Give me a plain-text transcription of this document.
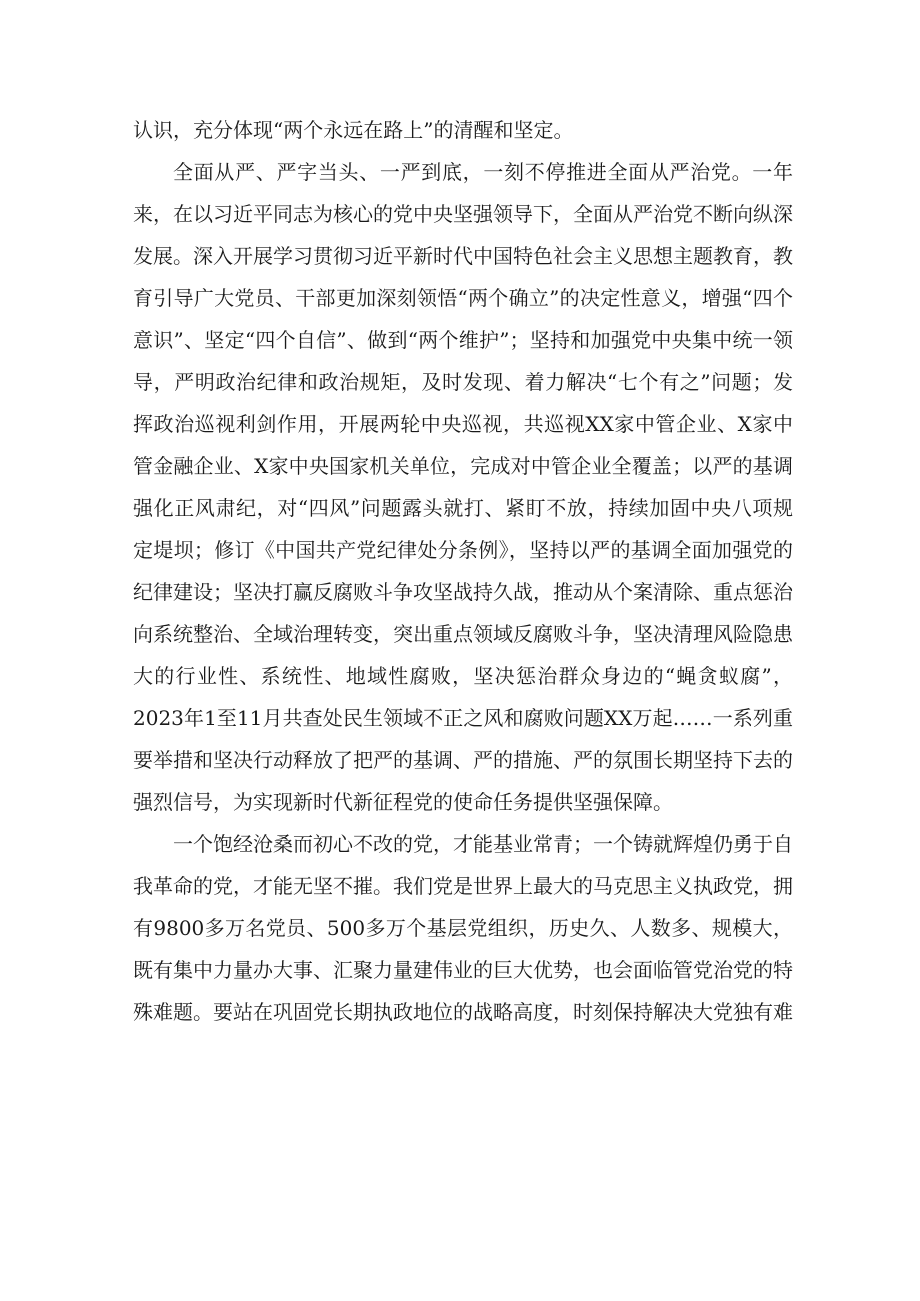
认识，充分体现“两个永远在路上”的清醒和坚定。

全面从严、严字当头、一严到底，一刻不停推进全面从严治党。一年来，在以习近平同志为核心的党中央坚强领导下，全面从严治党不断向纵深发展。深入开展学习贯彻习近平新时代中国特色社会主义思想主题教育，教育引导广大党员、干部更加深刻领悟“两个确立”的决定性意义，增强“四个意识”、坚定“四个自信”、做到“两个维护”；坚持和加强党中央集中统一领导，严明政治纪律和政治规矩，及时发现、着力解决“七个有之”问题；发挥政治巡视利剑作用，开展两轮中央巡视，共巡视XX家中管企业、X家中管金融企业、X家中央国家机关单位，完成对中管企业全覆盖；以严的基调强化正风肃纪，对“四风”问题露头就打、紧盯不放，持续加固中央八项规定堤坝；修订《中国共产党纪律处分条例》，坚持以严的基调全面加强党的纪律建设；坚决打赢反腐败斗争攻坚战持久战，推动从个案清除、重点惩治向系统整治、全域治理转变，突出重点领域反腐败斗争，坚决清理风险隐患大的行业性、系统性、地域性腐败，坚决惩治群众身边的“蝇贪蚁腐”，2023年1至11月共查处民生领域不正之风和腐败问题XX万起……一系列重要举措和坚决行动释放了把严的基调、严的措施、严的氛围长期坚持下去的强烈信号，为实现新时代新征程党的使命任务提供坚强保障。

一个饱经沧桑而初心不改的党，才能基业常青；一个铸就辉煌仍勇于自我革命的党，才能无坚不摧。我们党是世界上最大的马克思主义执政党，拥有9800多万名党员、500多万个基层党组织，历史久、人数多、规模大，既有集中力量办大事、汇聚力量建伟业的巨大优势，也会面临管党治党的特殊难题。要站在巩固党长期执政地位的战略高度，时刻保持解决大党独有难
